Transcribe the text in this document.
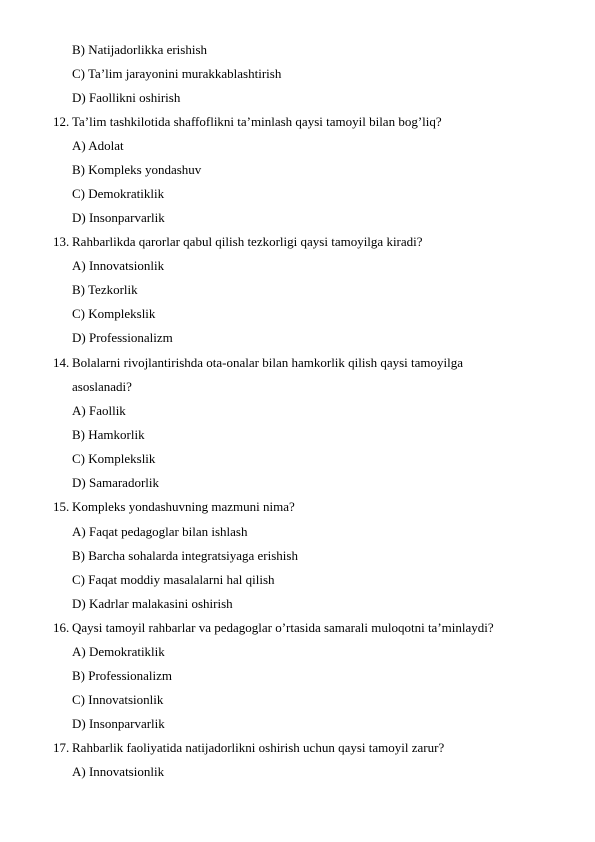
B) Natijadorlikka erishish
C) Ta’lim jarayonini murakkablashtirish
D) Faollikni oshirish
12. Ta’lim tashkilotida shaffoflikni ta’minlash qaysi tamoyil bilan bog’liq?
A) Adolat
B) Kompleks yondashuv
C) Demokratiklik
D) Insonparvarlik
13. Rahbarlikda qarorlar qabul qilish tezkorligi qaysi tamoyilga kiradi?
A) Innovatsionlik
B) Tezkorlik
C) Komplekslik
D) Professionalizm
14. Bolalarni rivojlantirishda ota-onalar bilan hamkorlik qilish qaysi tamoyilga
asoslanadi?
A) Faollik
B) Hamkorlik
C) Komplekslik
D) Samaradorlik
15. Kompleks yondashuvning mazmuni nima?
A) Faqat pedagoglar bilan ishlash
B) Barcha sohalarda integratsiyaga erishish
C) Faqat moddiy masalalarni hal qilish
D) Kadrlar malakasini oshirish
16. Qaysi tamoyil rahbarlar va pedagoglar o’rtasida samarali muloqotni ta’minlaydi?
A) Demokratiklik
B) Professionalizm
C) Innovatsionlik
D) Insonparvarlik
17. Rahbarlik faoliyatida natijadorlikni oshirish uchun qaysi tamoyil zarur?
A) Innovatsionlik
